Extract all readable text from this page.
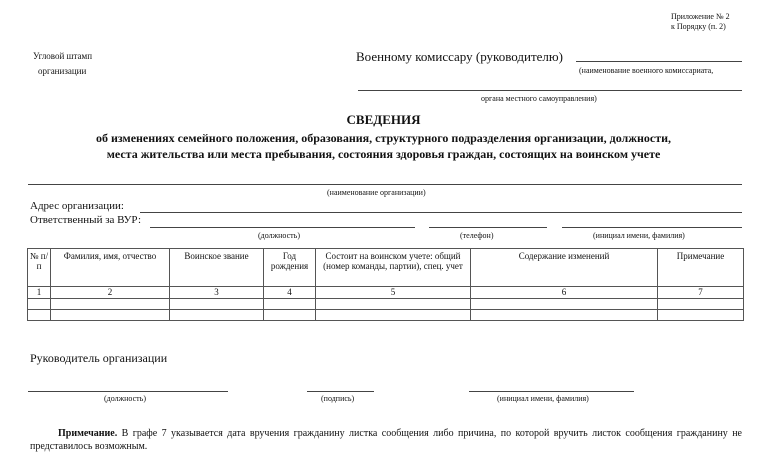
Приложение № 2
к Порядку (п. 2)
Угловой штамп
организации
Военному комиссару (руководителю)
(наименование военного комиссариата,
органа местного самоуправления)
СВЕДЕНИЯ
об изменениях семейного положения, образования, структурного подразделения организации, должности,
места жительства или места пребывания, состояния здоровья граждан, состоящих на воинском учете
(наименование организации)
Адрес организации:
Ответственный за ВУР:
(должность)	(телефон)	(инициал имени, фамилия)
№ п/п	Фамилия, имя, отчество	Воинское звание	Год рождения	Состоит на воинском учете: общий (номер команды, партии), спец. учет	Содержание изменений	Примечание
1	2	3	4	5	6	7

Руководитель организации
(должность)	(подпись)	(инициал имени, фамилия)
Примечание. В графе 7 указывается дата вручения гражданину листка сообщения либо причина, по которой вручить листок сообщения гражданину не представилось возможным.
